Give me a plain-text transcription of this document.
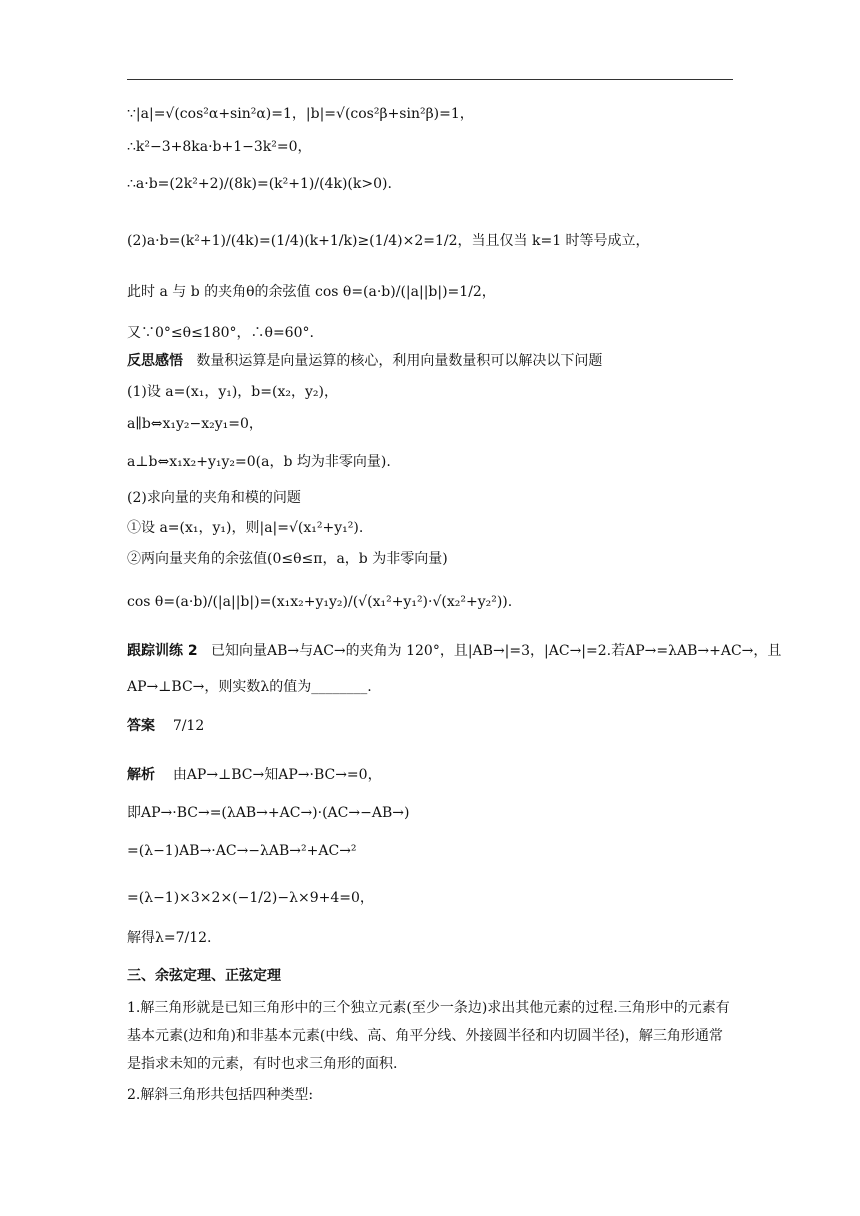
∵|a|=√(cos²α+sin²α)=1，|b|=√(cos²β+sin²β)=1，
∴k²−3+8ka·b+1−3k²=0，
∴a·b=(2k²+2)/(8k)=(k²+1)/(4k)(k>0).
(2)a·b=(k²+1)/(4k)=(1/4)(k+1/k)≥(1/4)×2=1/2，当且仅当 k=1 时等号成立，
此时 a 与 b 的夹角θ的余弦值 cos θ=(a·b)/(|a||b|)=1/2，
又∵0°≤θ≤180°，∴θ=60°.
反思感悟 数量积运算是向量运算的核心，利用向量数量积可以解决以下问题
(1)设 a=(x₁，y₁)，b=(x₂，y₂)，
a∥b⇔x₁y₂−x₂y₁=0，
a⊥b⇔x₁x₂+y₁y₂=0(a，b 均为非零向量).
(2)求向量的夹角和模的问题
①设 a=(x₁，y₁)，则|a|=√(x₁²+y₁²).
②两向量夹角的余弦值(0≤θ≤π，a，b 为非零向量)
cos θ=(a·b)/(|a||b|)=(x₁x₂+y₁y₂)/(√(x₁²+y₁²)·√(x₂²+y₂²)).
跟踪训练 2 已知向量AB→与AC→的夹角为 120°，且|AB→|=3，|AC→|=2.若AP→=λAB→+AC→，且
AP→⊥BC→，则实数λ的值为________.
答案 7/12
解析 由AP→⊥BC→知AP→·BC→=0，
即AP→·BC→=(λAB→+AC→)·(AC→−AB→)
=(λ−1)AB→·AC→−λAB→²+AC→²
=(λ−1)×3×2×(−1/2)−λ×9+4=0，
解得λ=7/12.
三、余弦定理、正弦定理
1.解三角形就是已知三角形中的三个独立元素(至少一条边)求出其他元素的过程.三角形中的元素有基本元素(边和角)和非基本元素(中线、高、角平分线、外接圆半径和内切圆半径)，解三角形通常是指求未知的元素，有时也求三角形的面积.
2.解斜三角形共包括四种类型:
